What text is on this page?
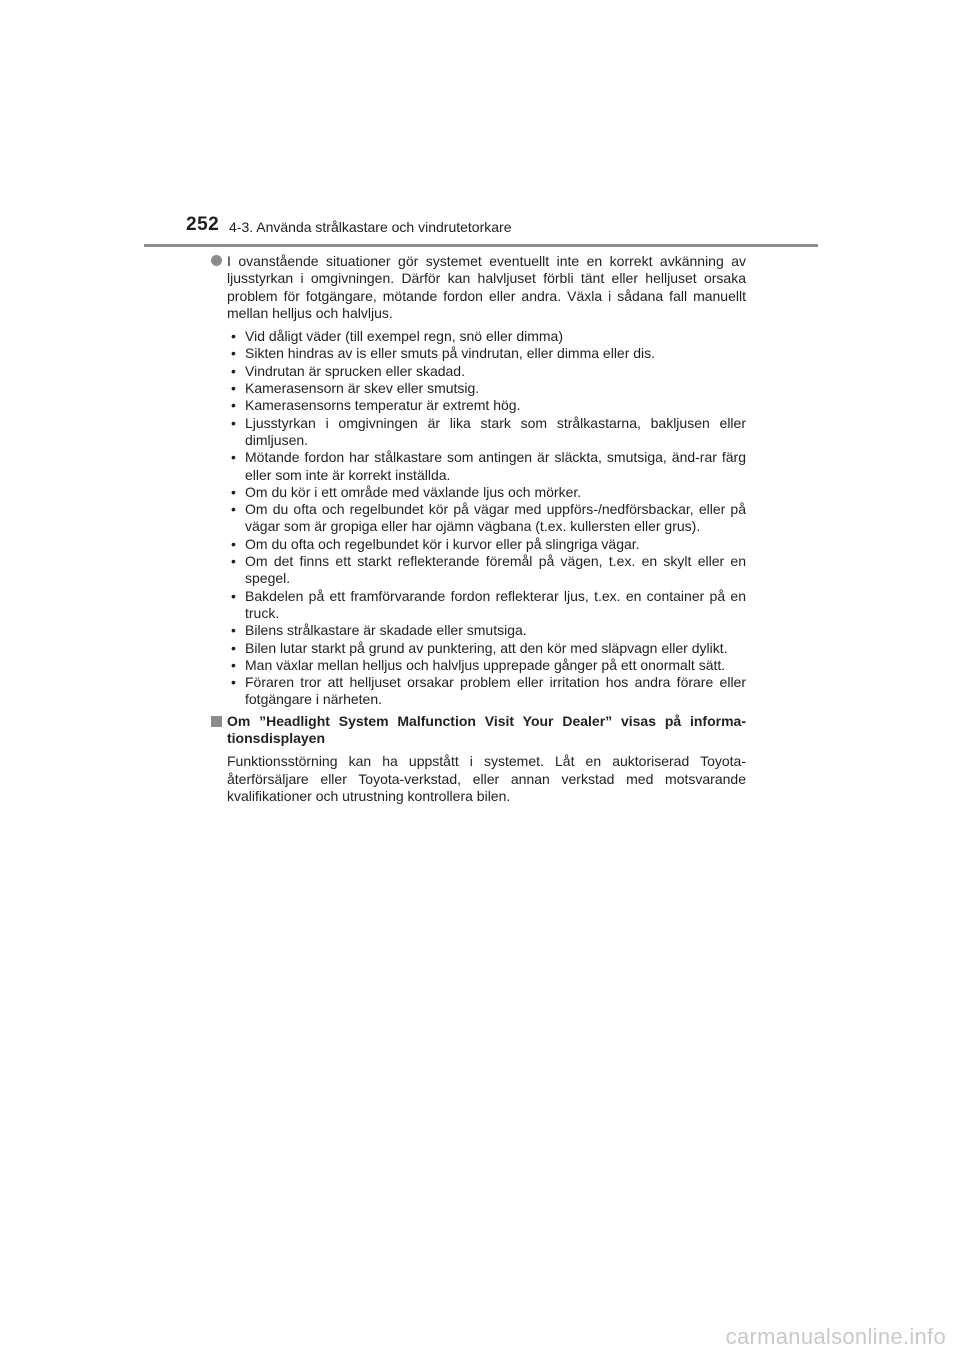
252 4-3. Använda strålkastare och vindrutetorkare

I ovanstående situationer gör systemet eventuellt inte en korrekt avkänning av ljusstyrkan i omgivningen. Därför kan halvljuset förbli tänt eller helljuset orsaka problem för fotgängare, mötande fordon eller andra. Växla i sådana fall manuellt mellan helljus och halvljus.

• Vid dåligt väder (till exempel regn, snö eller dimma)
• Sikten hindras av is eller smuts på vindrutan, eller dimma eller dis.
• Vindrutan är sprucken eller skadad.
• Kamerasensorn är skev eller smutsig.
• Kamerasensorns temperatur är extremt hög.
• Ljusstyrkan i omgivningen är lika stark som strålkastarna, bakljusen eller dimljusen.
• Mötande fordon har stålkastare som antingen är släckta, smutsiga, änd-rar färg eller som inte är korrekt inställda.
• Om du kör i ett område med växlande ljus och mörker.
• Om du ofta och regelbundet kör på vägar med uppförs-/nedförsbackar, eller på vägar som är gropiga eller har ojämn vägbana (t.ex. kullersten eller grus).
• Om du ofta och regelbundet kör i kurvor eller på slingriga vägar.
• Om det finns ett starkt reflekterande föremål på vägen, t.ex. en skylt eller en spegel.
• Bakdelen på ett framförvarande fordon reflekterar ljus, t.ex. en container på en truck.
• Bilens strålkastare är skadade eller smutsiga.
• Bilen lutar starkt på grund av punktering, att den kör med släpvagn eller dylikt.
• Man växlar mellan helljus och halvljus upprepade gånger på ett onormalt sätt.
• Föraren tror att helljuset orsakar problem eller irritation hos andra förare eller fotgängare i närheten.

Om ”Headlight System Malfunction Visit Your Dealer” visas på informa-tionsdisplayen

Funktionsstörning kan ha uppstått i systemet. Låt en auktoriserad Toyota-återförsäljare eller Toyota-verkstad, eller annan verkstad med motsvarande kvalifikationer och utrustning kontrollera bilen.

carmanualsonline.info
